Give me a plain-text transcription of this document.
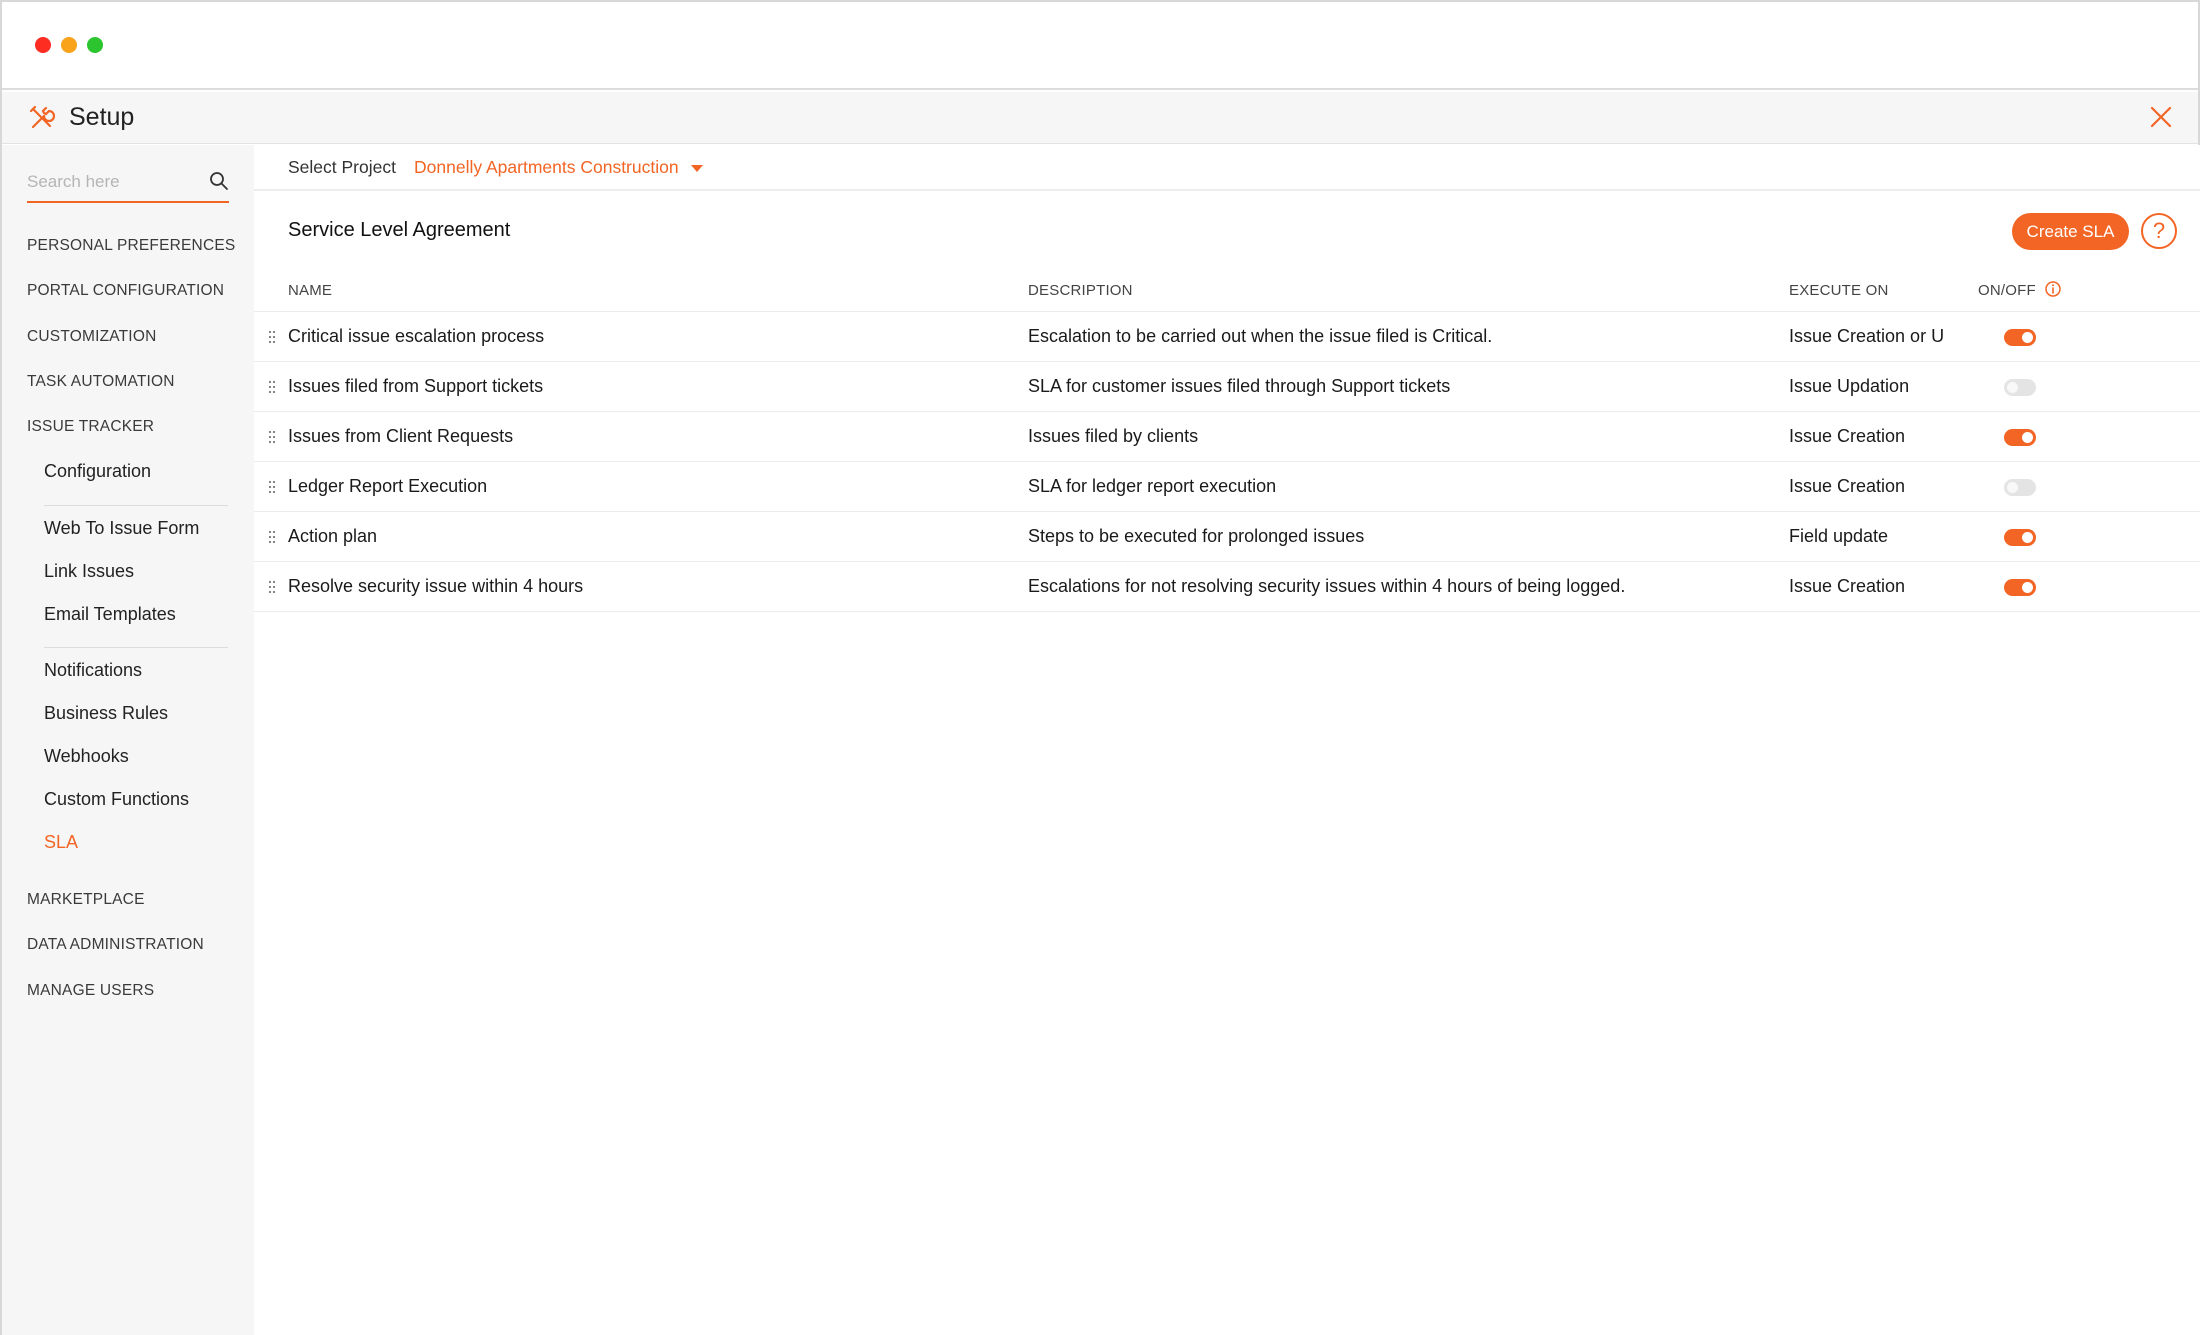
Setup
Search here
PERSONAL PREFERENCES
PORTAL CONFIGURATION
CUSTOMIZATION
TASK AUTOMATION
ISSUE TRACKER
Configuration
Web To Issue Form
Link Issues
Email Templates
Notifications
Business Rules
Webhooks
Custom Functions
SLA
MARKETPLACE
DATA ADMINISTRATION
MANAGE USERS
Select Project Donnelly Apartments Construction
Service Level Agreement	Create SLA	?
NAME	DESCRIPTION	EXECUTE ON	ON/OFF
Critical issue escalation process	Escalation to be carried out when the issue filed is Critical.	Issue Creation or U
Issues filed from Support tickets	SLA for customer issues filed through Support tickets	Issue Updation
Issues from Client Requests	Issues filed by clients	Issue Creation
Ledger Report Execution	SLA for ledger report execution	Issue Creation
Action plan	Steps to be executed for prolonged issues	Field update
Resolve security issue within 4 hours	Escalations for not resolving security issues within 4 hours of being logged.	Issue Creation
